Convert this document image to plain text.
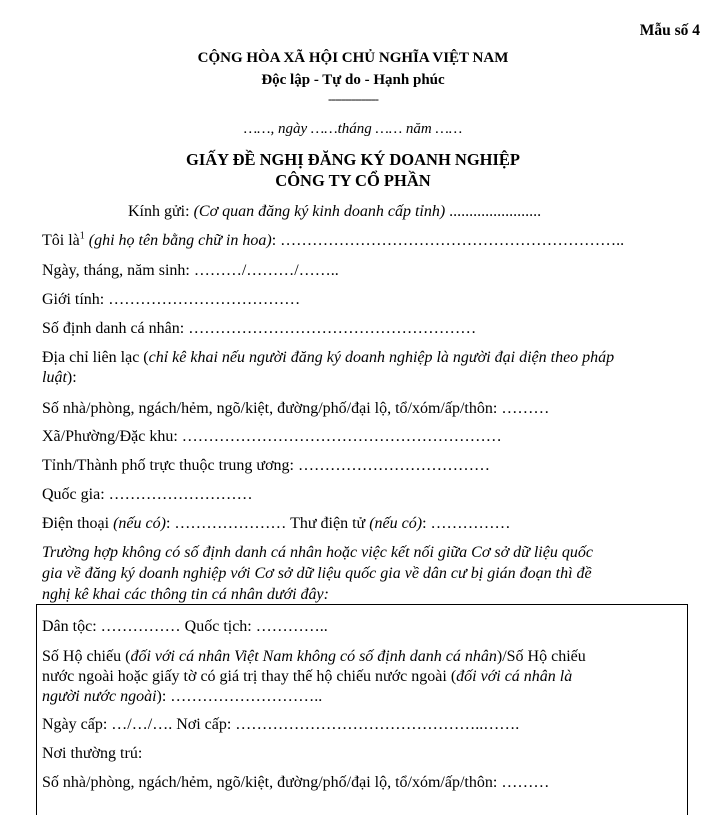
Mẫu số 4
CỘNG HÒA XÃ HỘI CHỦ NGHĨA VIỆT NAM
Độc lập - Tự do - Hạnh phúc
---------------
……, ngày ……tháng …… năm ……
GIẤY ĐỀ NGHỊ ĐĂNG KÝ DOANH NGHIỆP
CÔNG TY CỔ PHẦN
Kính gửi: (Cơ quan đăng ký kinh doanh cấp tỉnh) .......................
Tôi $là^1$ (ghi họ tên bằng chữ in hoa): ………………………………………………………..
Ngày, tháng, năm sinh: ………/………/……..
Giới tính: ………………………………
Số định danh cá nhân: ………………………………………………
Địa chỉ liên lạc (chỉ kê khai nếu người đăng ký doanh nghiệp là người đại diện theo pháp
luật):
Số nhà/phòng, ngách/hẻm, ngõ/kiệt, đường/phố/đại lộ, tổ/xóm/ấp/thôn: ………
Xã/Phường/Đặc khu: ……………………………………………………
Tỉnh/Thành phố trực thuộc trung ương: ………………………………
Quốc gia: ………………………
Điện thoại (nếu có): ………………… Thư điện tử (nếu có): ……………
Trường hợp không có số định danh cá nhân hoặc việc kết nối giữa Cơ sở dữ liệu quốc
gia về đăng ký doanh nghiệp với Cơ sở dữ liệu quốc gia về dân cư bị gián đoạn thì đề
nghị kê khai các thông tin cá nhân dưới đây:
Dân tộc: …………… Quốc tịch: …………..
Số Hộ chiếu (đối với cá nhân Việt Nam không có số định danh cá nhân)/Số Hộ chiếu
nước ngoài hoặc giấy tờ có giá trị thay thế hộ chiếu nước ngoài (đối với cá nhân là
người nước ngoài): ………………………..
Ngày cấp: …/…/…. Nơi cấp: ………………………………………..…….
Nơi thường trú:
Số nhà/phòng, ngách/hẻm, ngõ/kiệt, đường/phố/đại lộ, tổ/xóm/ấp/thôn: ………
